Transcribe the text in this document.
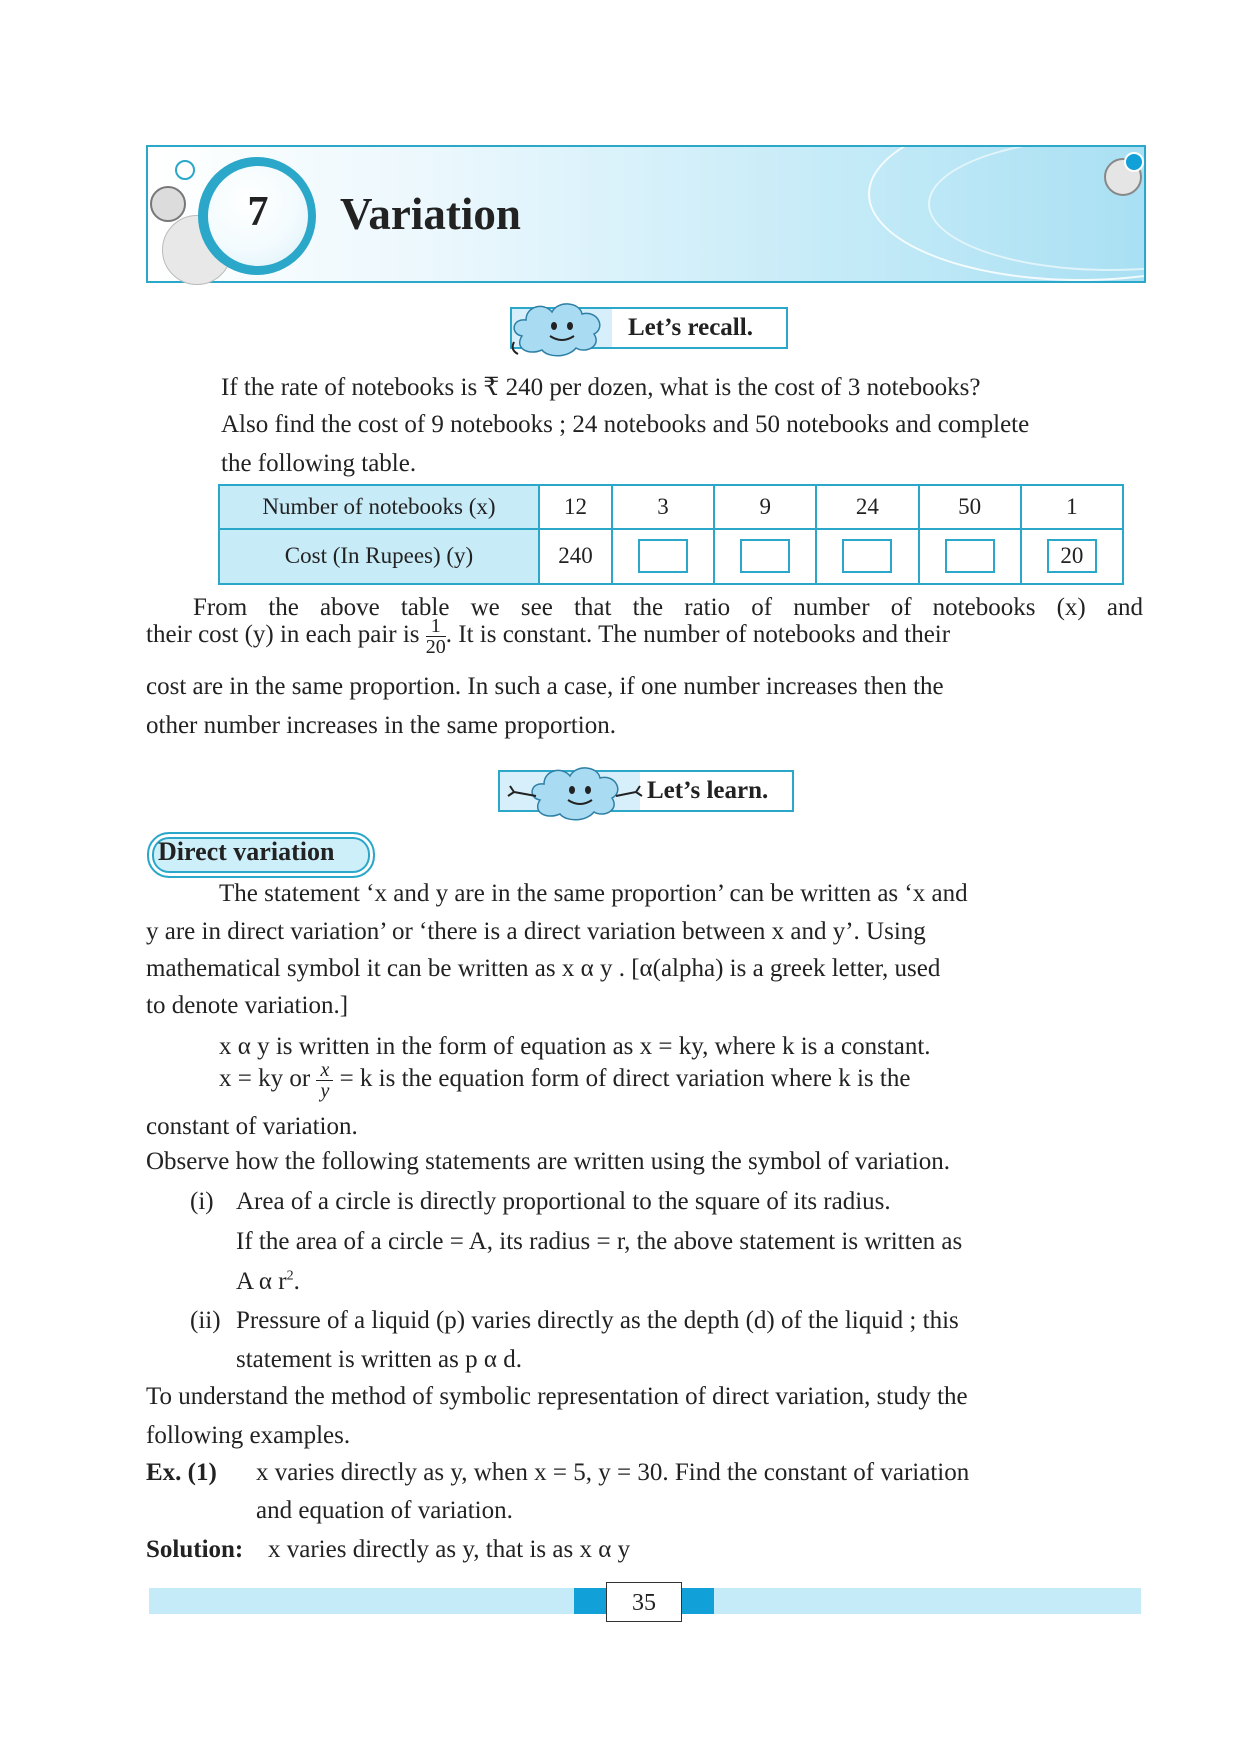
7	Variation
Let’s recall.
If the rate of notebooks is ₹ 240 per dozen, what is the cost of 3 notebooks?
Also find the cost of 9 notebooks ; 24 notebooks and 50 notebooks and complete
the following table.
Number of notebooks (x)	12	3	9	24	50	1
Cost (In Rupees) (y)	240					20
From the above table we see that the ratio of number of notebooks (x) and
their cost (y) in each pair is $\frac{1}{20}$ . It is constant. The number of notebooks and their
cost are in the same proportion. In such a case, if one number increases then the
other number increases in the same proportion.
Let’s learn.
Direct variation
The statement ‘x and y are in the same proportion’ can be written as ‘x and
y are in direct variation’ or ‘there is a direct variation between x and y’. Using
mathematical symbol it can be written as x α y . [α(alpha) is a greek letter, used
to denote variation.]
x α y is written in the form of equation as x = ky, where k is a constant.
x = ky or $\frac{x}{y} = k$ is the equation form of direct variation where k is the
constant of variation.
Observe how the following statements are written using the symbol of variation.
(i) Area of a circle is directly proportional to the square of its radius.
If the area of a circle = A, its radius = r, the above statement is written as
A α $r^2$.
(ii) Pressure of a liquid (p) varies directly as the depth (d) of the liquid ; this
statement is written as p α d.
To understand the method of symbolic representation of direct variation, study the
following examples.
Ex. (1) x varies directly as y, when x = 5, y = 30. Find the constant of variation
and equation of variation.
Solution: x varies directly as y, that is as x α y
35
